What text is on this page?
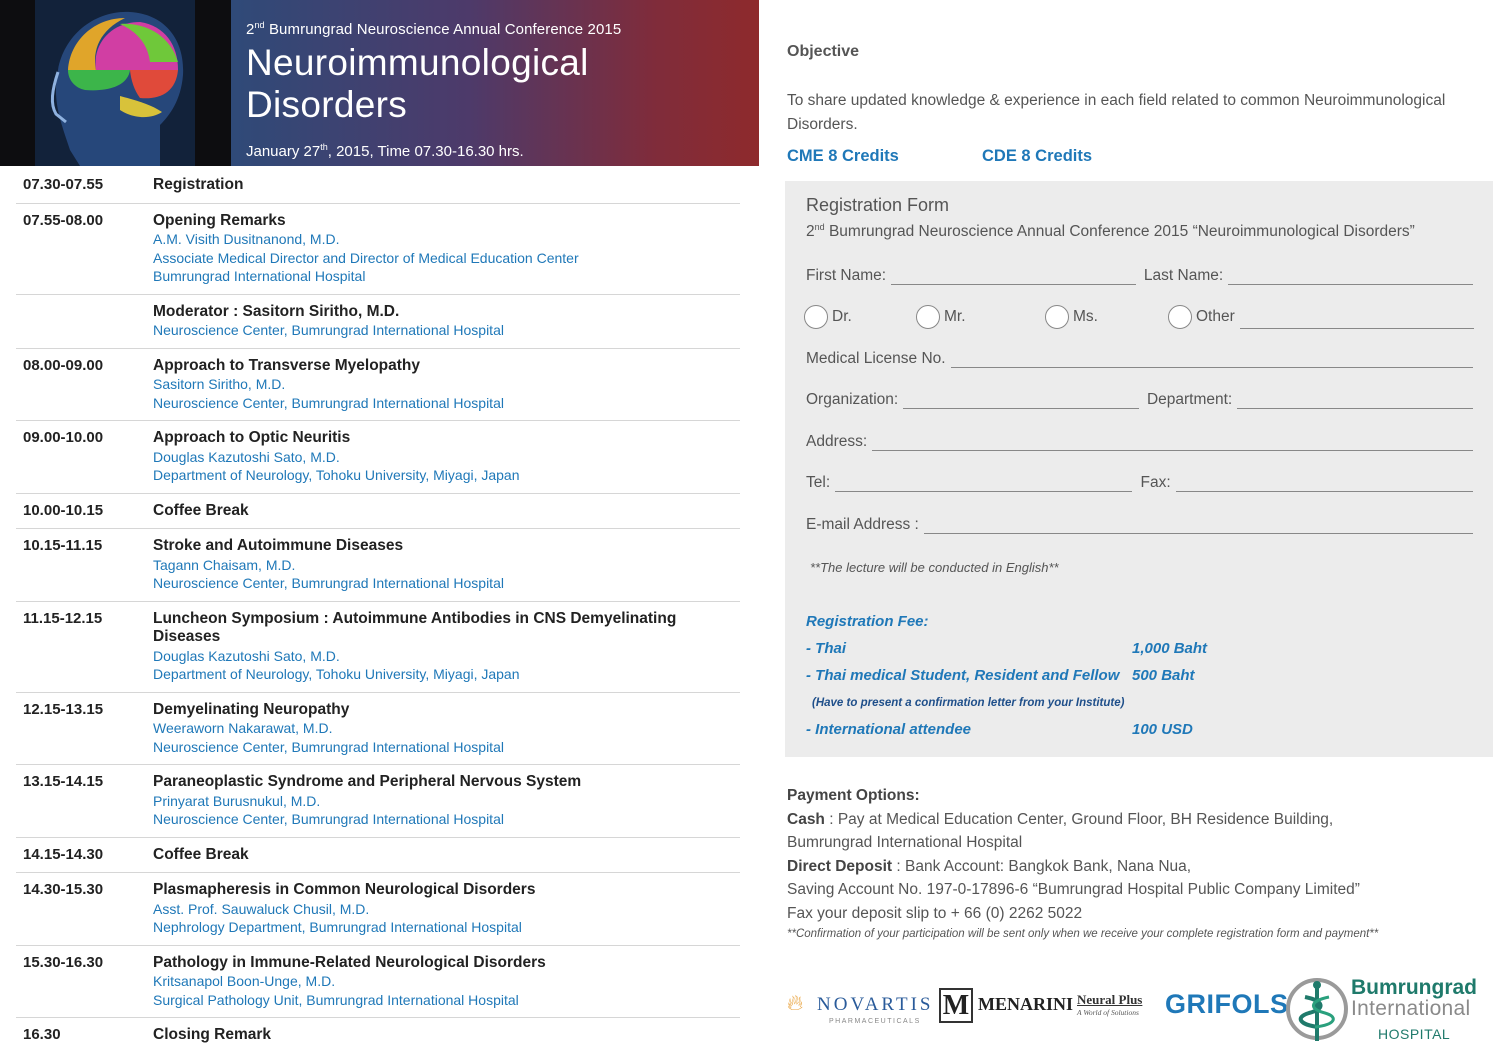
2nd Bumrungrad Neuroscience Annual Conference 2015
Neuroimmunological Disorders
January 27th, 2015, Time 07.30-16.30 hrs.
Conference Center, 21st Floor, Bumrungrad International Clinic Building
07.30-07.55	Registration
07.55-08.00	Opening Remarks
A.M. Visith Dusitnanond, M.D.
Associate Medical Director and Director of Medical Education Center
Bumrungrad International Hospital
Moderator : Sasitorn Siritho, M.D.
Neuroscience Center, Bumrungrad International Hospital
08.00-09.00	Approach to Transverse Myelopathy
Sasitorn Siritho, M.D.
Neuroscience Center, Bumrungrad International Hospital
09.00-10.00	Approach to Optic Neuritis
Douglas Kazutoshi Sato, M.D.
Department of Neurology, Tohoku University, Miyagi, Japan
10.00-10.15	Coffee Break
10.15-11.15	Stroke and Autoimmune Diseases
Tagann Chaisam, M.D.
Neuroscience Center, Bumrungrad International Hospital
11.15-12.15	Luncheon Symposium : Autoimmune Antibodies in CNS Demyelinating Diseases
Douglas Kazutoshi Sato, M.D.
Department of Neurology, Tohoku University, Miyagi, Japan
12.15-13.15	Demyelinating Neuropathy
Weeraworn Nakarawat, M.D.
Neuroscience Center, Bumrungrad International Hospital
13.15-14.15	Paraneoplastic Syndrome and Peripheral Nervous System
Prinyarat Burusnukul, M.D.
Neuroscience Center, Bumrungrad International Hospital
14.15-14.30	Coffee Break
14.30-15.30	Plasmapheresis in Common Neurological Disorders
Asst. Prof. Sauwaluck Chusil, M.D.
Nephrology Department, Bumrungrad International Hospital
15.30-16.30	Pathology in Immune-Related Neurological Disorders
Kritsanapol Boon-Unge, M.D.
Surgical Pathology Unit, Bumrungrad International Hospital
16.30	Closing Remark
Objective
To share updated knowledge & experience in each field related to common Neuroimmunological Disorders.
CME 8 Credits	CDE 8 Credits
Registration Form
2nd Bumrungrad Neuroscience Annual Conference 2015 “Neuroimmunological Disorders”
First Name:	Last Name:
Dr.	Mr.	Ms.	Other
Medical License No.
Organization:	Department:
Address:
Tel:	Fax:
E-mail Address :
**The lecture will be conducted in English**
Registration Fee:
- Thai	1,000 Baht
- Thai medical Student, Resident and Fellow 500 Baht
(Have to present a confirmation letter from your Institute)
- International attendee	100 USD
Payment Options:
Cash : Pay at Medical Education Center, Ground Floor, BH Residence Building,
Bumrungrad International Hospital
Direct Deposit : Bank Account: Bangkok Bank, Nana Nua,
Saving Account No. 197-0-17896-6 “Bumrungrad Hospital Public Company Limited”
Fax your deposit slip to + 66 (0) 2262 5022
**Confirmation of your participation will be sent only when we receive your complete registration form and payment**
🔥︎ NOVARTIS
PHARMACEUTICALS
M MENARINI Neural Plus
A World of Solutions GRIFOLS
Bumrungrad
International
HOSPITAL
